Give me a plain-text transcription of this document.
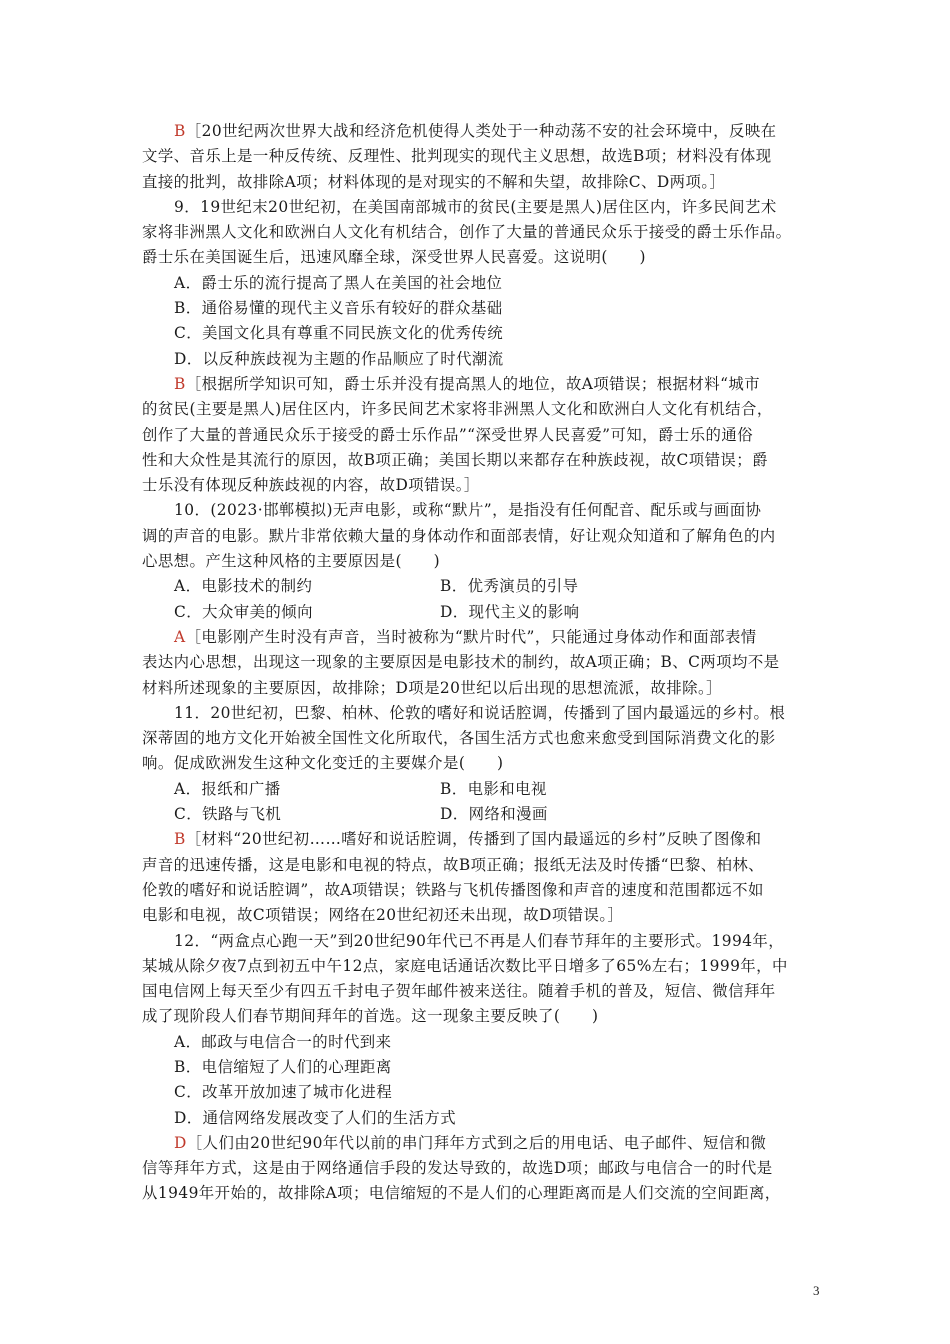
B［20世纪两次世界大战和经济危机使得人类处于一种动荡不安的社会环境中，反映在
文学、音乐上是一种反传统、反理性、批判现实的现代主义思想，故选B项；材料没有体现
直接的批判，故排除A项；材料体现的是对现实的不解和失望，故排除C、D两项。］
9．19世纪末20世纪初，在美国南部城市的贫民(主要是黑人)居住区内，许多民间艺术
家将非洲黑人文化和欧洲白人文化有机结合，创作了大量的普通民众乐于接受的爵士乐作品。
爵士乐在美国诞生后，迅速风靡全球，深受世界人民喜爱。这说明(　　)
A．爵士乐的流行提高了黑人在美国的社会地位
B．通俗易懂的现代主义音乐有较好的群众基础
C．美国文化具有尊重不同民族文化的优秀传统
D．以反种族歧视为主题的作品顺应了时代潮流
B［根据所学知识可知，爵士乐并没有提高黑人的地位，故A项错误；根据材料“城市
的贫民(主要是黑人)居住区内，许多民间艺术家将非洲黑人文化和欧洲白人文化有机结合，
创作了大量的普通民众乐于接受的爵士乐作品”“深受世界人民喜爱”可知，爵士乐的通俗
性和大众性是其流行的原因，故B项正确；美国长期以来都存在种族歧视，故C项错误；爵
士乐没有体现反种族歧视的内容，故D项错误。］
10．(2023·邯郸模拟)无声电影，或称“默片”，是指没有任何配音、配乐或与画面协
调的声音的电影。默片非常依赖大量的身体动作和面部表情，好让观众知道和了解角色的内
心思想。产生这种风格的主要原因是(　　)
A．电影技术的制约	B．优秀演员的引导
C．大众审美的倾向	D．现代主义的影响
A［电影刚产生时没有声音，当时被称为“默片时代”，只能通过身体动作和面部表情
表达内心思想，出现这一现象的主要原因是电影技术的制约，故A项正确；B、C两项均不是
材料所述现象的主要原因，故排除；D项是20世纪以后出现的思想流派，故排除。］
11．20世纪初，巴黎、柏林、伦敦的嗜好和说话腔调，传播到了国内最遥远的乡村。根
深蒂固的地方文化开始被全国性文化所取代，各国生活方式也愈来愈受到国际消费文化的影
响。促成欧洲发生这种文化变迁的主要媒介是(　　)
A．报纸和广播	B．电影和电视
C．铁路与飞机	D．网络和漫画
B［材料“20世纪初……嗜好和说话腔调，传播到了国内最遥远的乡村”反映了图像和
声音的迅速传播，这是电影和电视的特点，故B项正确；报纸无法及时传播“巴黎、柏林、
伦敦的嗜好和说话腔调”，故A项错误；铁路与飞机传播图像和声音的速度和范围都远不如
电影和电视，故C项错误；网络在20世纪初还未出现，故D项错误。］
12．“两盒点心跑一天”到20世纪90年代已不再是人们春节拜年的主要形式。1994年，
某城从除夕夜7点到初五中午12点，家庭电话通话次数比平日增多了65%左右；1999年，中
国电信网上每天至少有四五千封电子贺年邮件被来送往。随着手机的普及，短信、微信拜年
成了现阶段人们春节期间拜年的首选。这一现象主要反映了(　　)
A．邮政与电信合一的时代到来
B．电信缩短了人们的心理距离
C．改革开放加速了城市化进程
D．通信网络发展改变了人们的生活方式
D［人们由20世纪90年代以前的串门拜年方式到之后的用电话、电子邮件、短信和微
信等拜年方式，这是由于网络通信手段的发达导致的，故选D项；邮政与电信合一的时代是
从1949年开始的，故排除A项；电信缩短的不是人们的心理距离而是人们交流的空间距离，
3
